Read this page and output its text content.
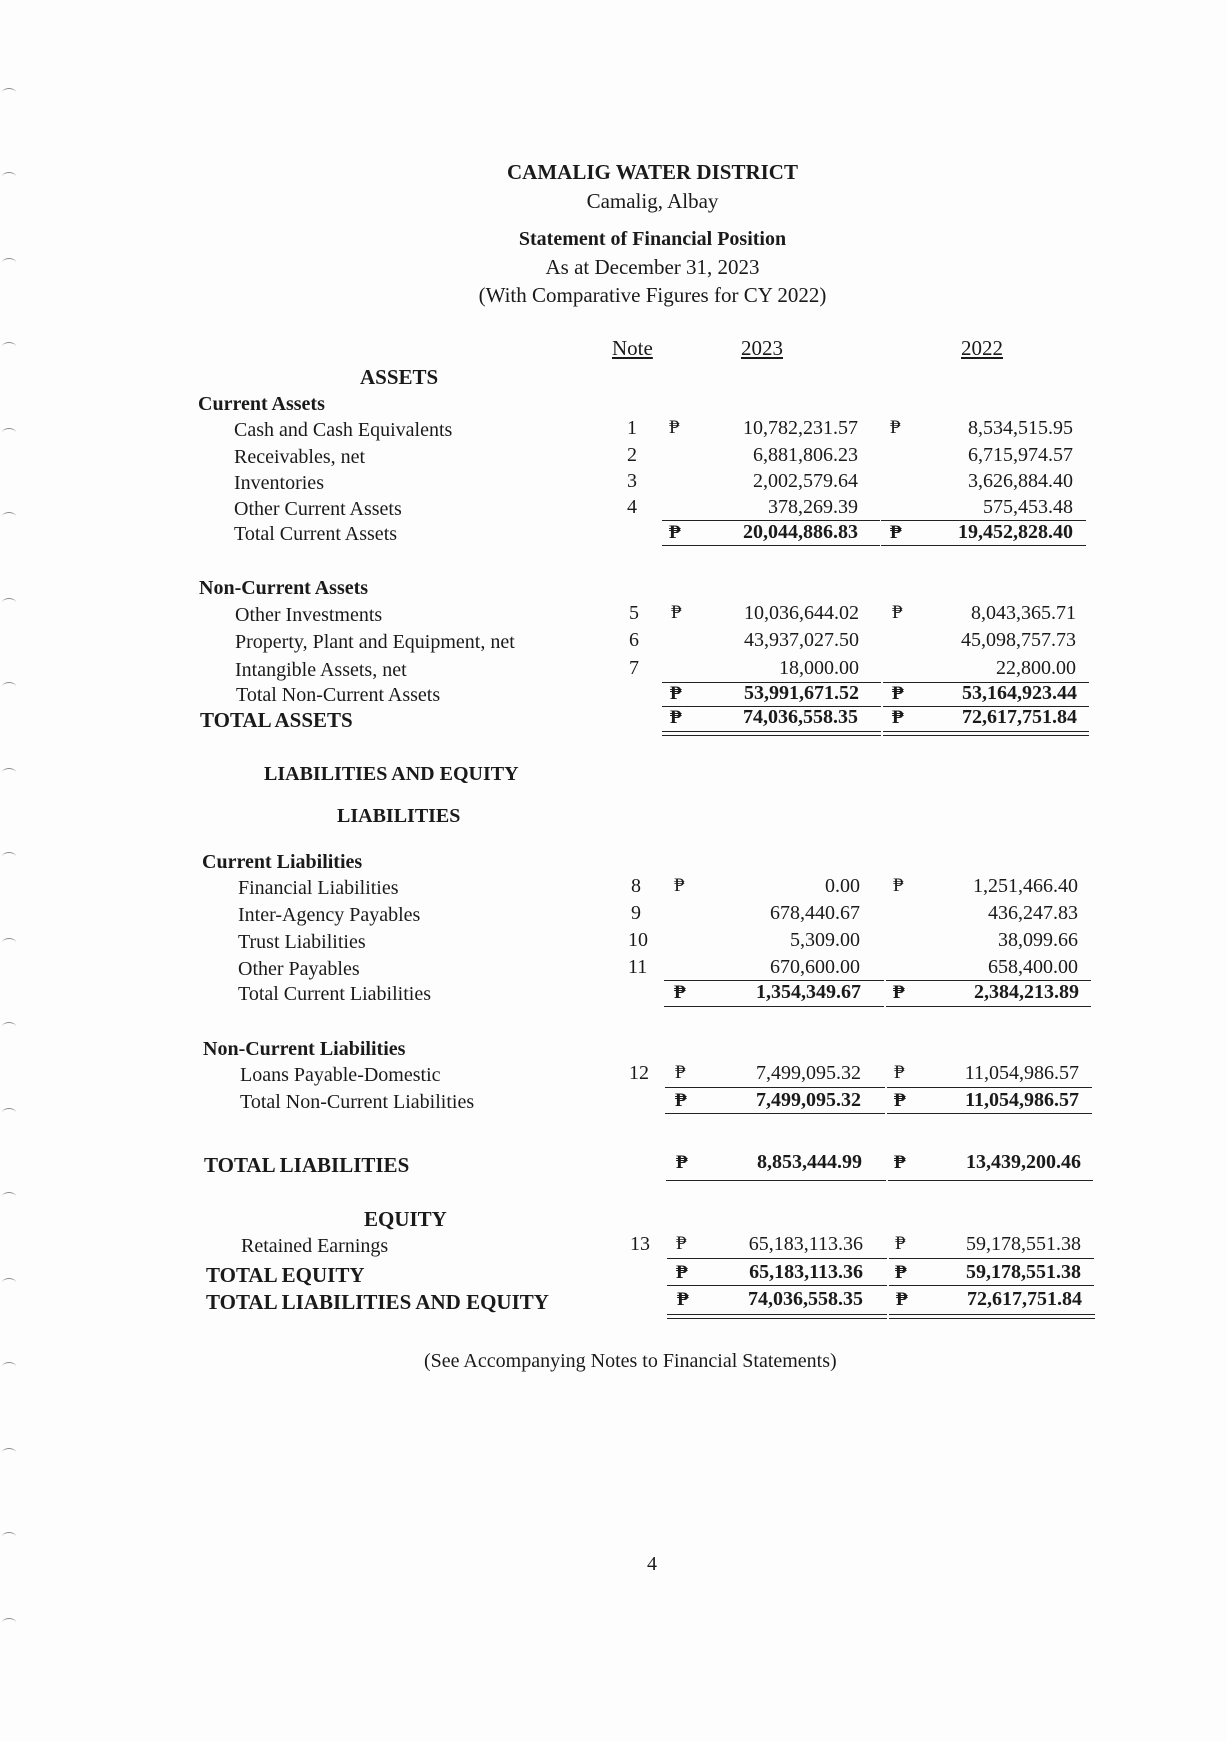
CAMALIG WATER DISTRICT
Camalig, Albay
Statement of Financial Position
As at December 31, 2023
(With Comparative Figures for CY 2022)
Note	2023	2022
ASSETS
Current Assets
Cash and Cash Equivalents	1 ₱	10,782,231.57 ₱	8,534,515.95
Receivables, net	2	6,881,806.23	6,715,974.57
Inventories	3	2,002,579.64	3,626,884.40
Other Current Assets	4	378,269.39	575,453.48
Total Current Assets	₱	20,044,886.83 ₱	19,452,828.40
Non-Current Assets
Other Investments	5 ₱	10,036,644.02 ₱	8,043,365.71
Property, Plant and Equipment, net	6	43,937,027.50	45,098,757.73
Intangible Assets, net	7	18,000.00	22,800.00
Total Non-Current Assets	₱	53,991,671.52 ₱	53,164,923.44
TOTAL ASSETS	₱	74,036,558.35 ₱	72,617,751.84
LIABILITIES AND EQUITY
LIABILITIES
Current Liabilities
Financial Liabilities	8 ₱	0.00 ₱	1,251,466.40
Inter-Agency Payables	9	678,440.67	436,247.83
Trust Liabilities	10	5,309.00	38,099.66
Other Payables	11	670,600.00	658,400.00
Total Current Liabilities	₱	1,354,349.67 ₱	2,384,213.89
Non-Current Liabilities
Loans Payable-Domestic	12 ₱	7,499,095.32 ₱	11,054,986.57
Total Non-Current Liabilities	₱	7,499,095.32 ₱	11,054,986.57
TOTAL LIABILITIES	₱	8,853,444.99 ₱	13,439,200.46
EQUITY
Retained Earnings	13 ₱	65,183,113.36 ₱	59,178,551.38
TOTAL EQUITY	₱	65,183,113.36 ₱	59,178,551.38
TOTAL LIABILITIES AND EQUITY	₱	74,036,558.35 ₱	72,617,751.84
(See Accompanying Notes to Financial Statements)
4
